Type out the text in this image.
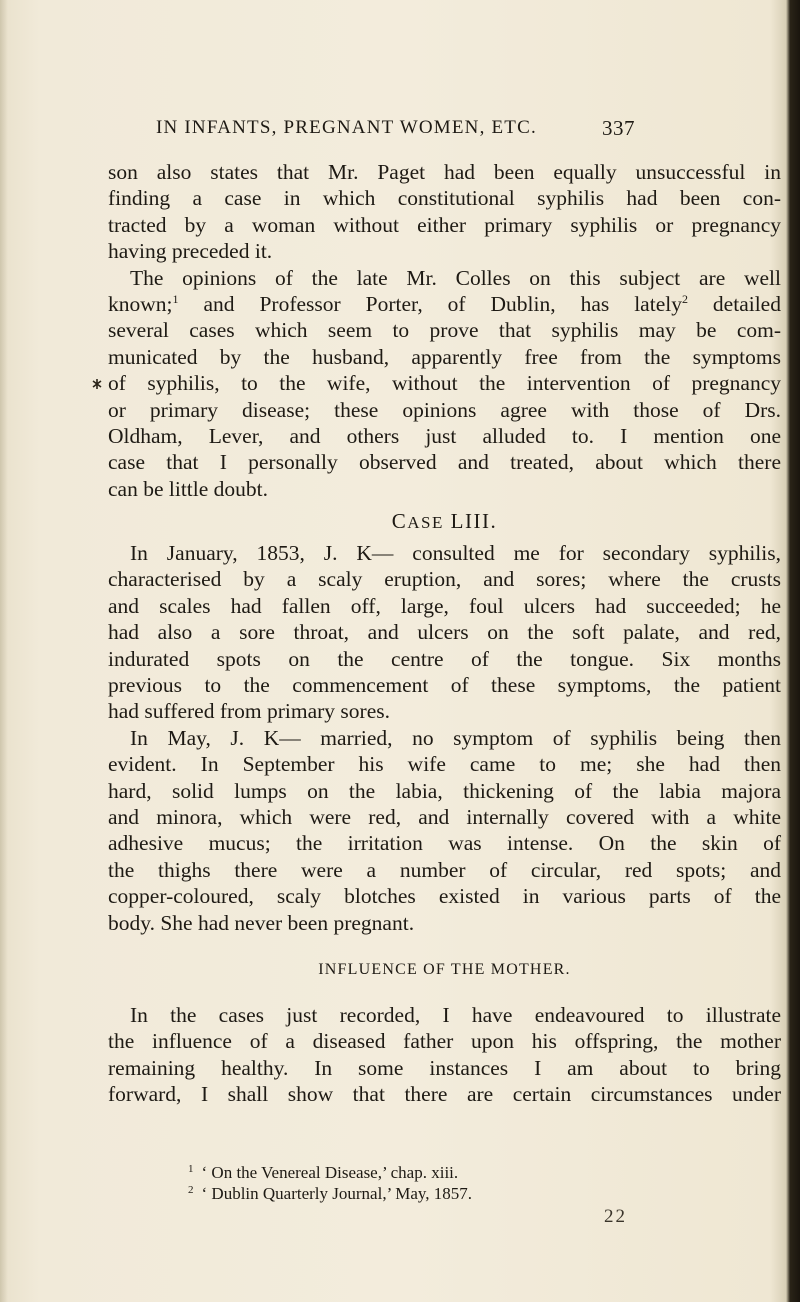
IN INFANTS, PREGNANT WOMEN, ETC.	337
son also states that Mr. Paget had been equally unsuccessful in
finding a case in which constitutional syphilis had been con-
tracted by a woman without either primary syphilis or pregnancy
having preceded it.
The opinions of the late Mr. Colles on this subject are well
known;$^1$ and Professor Porter, of Dublin, has lately$^2$ detailed
several cases which seem to prove that syphilis may be com-
municated by the husband, apparently free from the symptoms
of syphilis, to the wife, without the intervention of pregnancy
or primary disease; these opinions agree with those of Drs.
Oldham, Lever, and others just alluded to. I mention one
case that I personally observed and treated, about which there
can be little doubt.
CASE LIII.
In January, 1853, J. K— consulted me for secondary syphilis,
characterised by a scaly eruption, and sores; where the crusts
and scales had fallen off, large, foul ulcers had succeeded; he
had also a sore throat, and ulcers on the soft palate, and red,
indurated spots on the centre of the tongue. Six months
previous to the commencement of these symptoms, the patient
had suffered from primary sores.
In May, J. K— married, no symptom of syphilis being then
evident. In September his wife came to me; she had then
hard, solid lumps on the labia, thickening of the labia majora
and minora, which were red, and internally covered with a white
adhesive mucus; the irritation was intense. On the skin of
the thighs there were a number of circular, red spots; and
copper-coloured, scaly blotches existed in various parts of the
body. She had never been pregnant.
INFLUENCE OF THE MOTHER.
In the cases just recorded, I have endeavoured to illustrate
the influence of a diseased father upon his offspring, the mother
remaining healthy. In some instances I am about to bring
forward, I shall show that there are certain circumstances under
$^1$ ‘ On the Venereal Disease,’ chap. xiii.
$^2$ ‘ Dublin Quarterly Journal,’ May, 1857.
22
